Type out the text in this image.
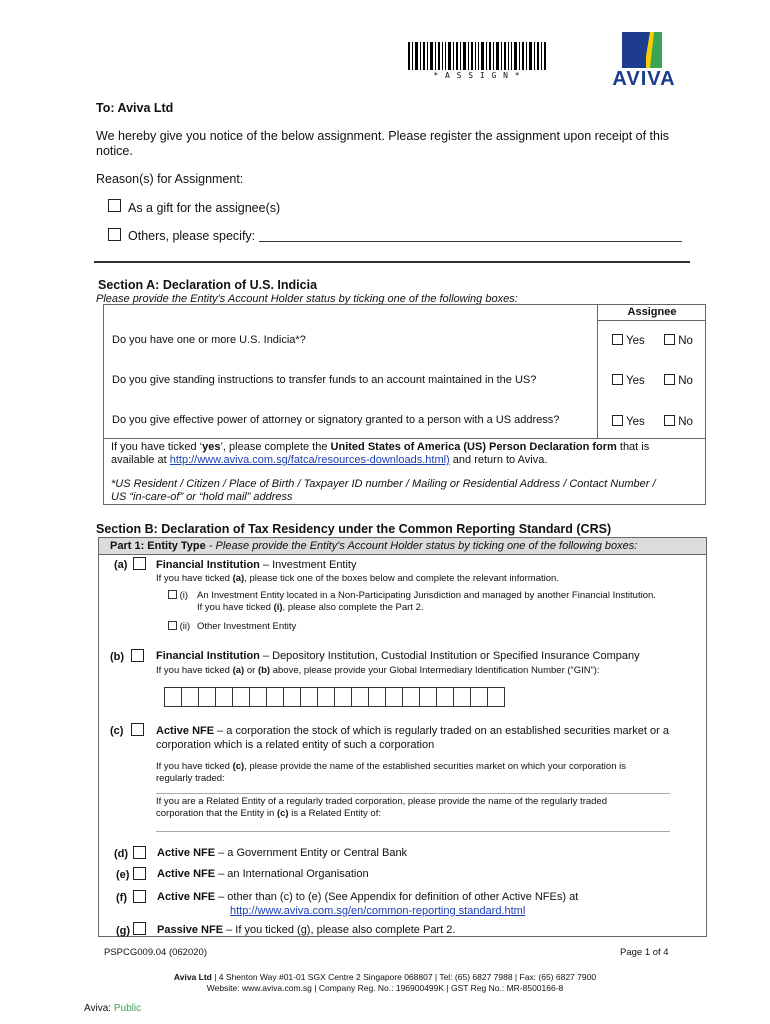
* A S S I G N *	AVIVA
To: Aviva Ltd
We hereby give you notice of the below assignment. Please register the assignment upon receipt of this
notice.
Reason(s) for Assignment:
As a gift for the assignee(s)
Others, please specify:
Section A: Declaration of U.S. Indicia
Please provide the Entity's Account Holder status by ticking one of the following boxes:
Assignee
Do you have one or more U.S. Indicia*?	Yes	No
Do you give standing instructions to transfer funds to an account maintained in the US?	Yes	No
Do you give effective power of attorney or signatory granted to a person with a US address?	Yes	No
If you have ticked ‘yes’, please complete the United States of America (US) Person Declaration form that is
available at http://www.aviva.com.sg/fatca/resources-downloads.html) and return to Aviva.
*US Resident / Citizen / Place of Birth / Taxpayer ID number / Mailing or Residential Address / Contact Number /
US “in-care-of” or “hold mail” address
Section B: Declaration of Tax Residency under the Common Reporting Standard (CRS)
Part 1: Entity Type - Please provide the Entity's Account Holder status by ticking one of the following boxes:
(a)	Financial Institution – Investment Entity
If you have ticked (a), please tick one of the boxes below and complete the relevant information.
(i) An Investment Entity located in a Non-Participating Jurisdiction and managed by another Financial Institution.
If you have ticked (i), please also complete the Part 2.
(ii) Other Investment Entity
(b)	Financial Institution – Depository Institution, Custodial Institution or Specified Insurance Company
If you have ticked (a) or (b) above, please provide your Global Intermediary Identification Number (“GIN”):
(c)	Active NFE – a corporation the stock of which is regularly traded on an established securities market or a
corporation which is a related entity of such a corporation
If you have ticked (c), please provide the name of the established securities market on which your corporation is
regularly traded:
If you are a Related Entity of a regularly traded corporation, please provide the name of the regularly traded
corporation that the Entity in (c) is a Related Entity of:
(d)	Active NFE – a Government Entity or Central Bank
(e)	Active NFE – an International Organisation
(f)	Active NFE – other than (c) to (e) (See Appendix for definition of other Active NFEs) at
http://www.aviva.com.sg/en/common-reporting standard.html
(g) Passive NFE – If you ticked (g), please also complete Part 2.
PSPCG009.04 (062020)	Page 1 of 4
Aviva Ltd | 4 Shenton Way #01-01 SGX Centre 2 Singapore 068807 | Tel: (65) 6827 7988 | Fax: (65) 6827 7900
Website: www.aviva.com.sg | Company Reg. No.: 196900499K | GST Reg No.: MR-8500166-8
Aviva: Public
